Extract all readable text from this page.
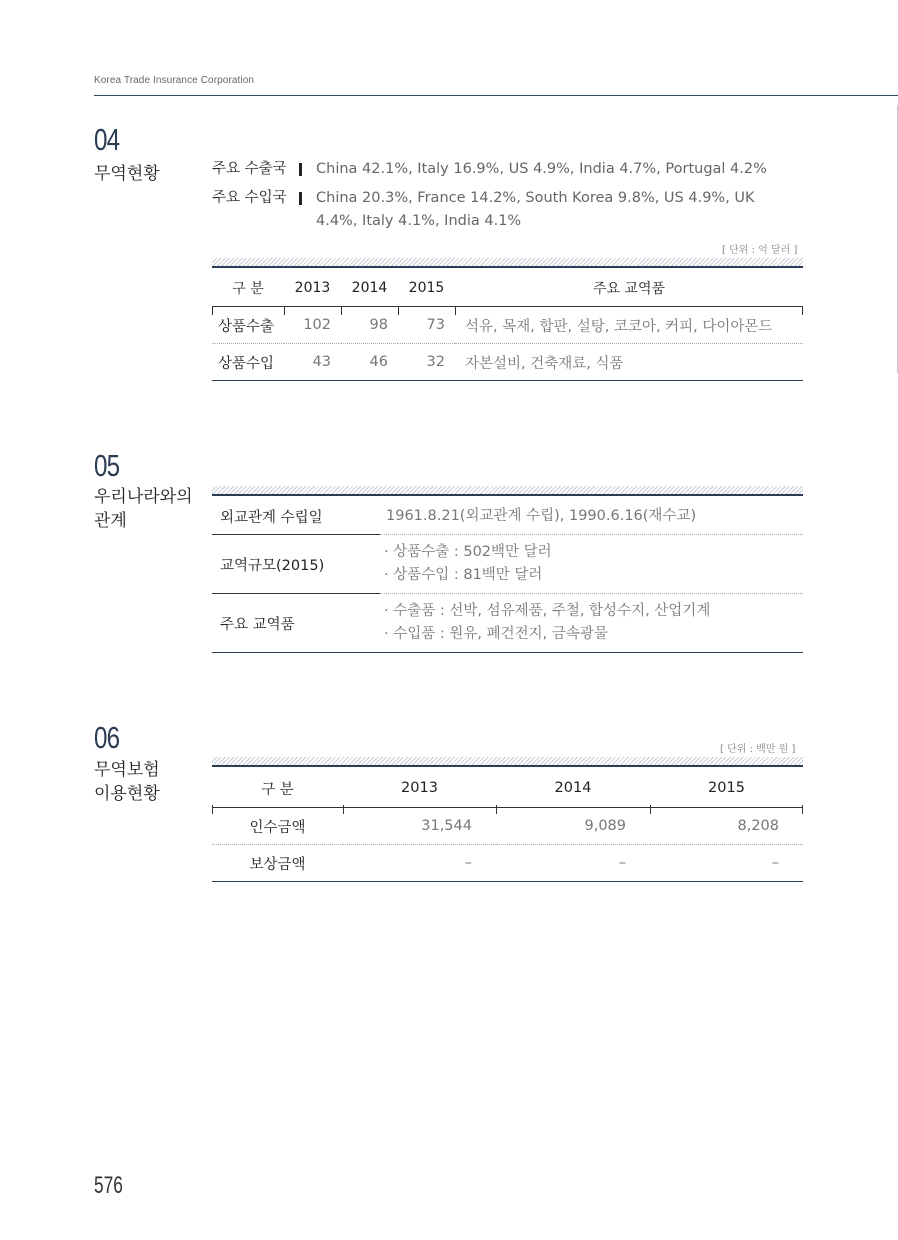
Korea Trade Insurance Corporation
04
무역현황	주요 수출국	China 42.1%, Italy 16.9%, US 4.9%, India 4.7%, Portugal 4.2%
주요 수입국	China 20.3%, France 14.2%, South Korea 9.8%, US 4.9%, UK 4.4%, Italy 4.1%, India 4.1%
[ 단위 : 억 달러 ]
구 분	2013	2014	2015	주요 교역품
상품수출	102	98	73	석유, 목재, 합판, 설탕, 코코아, 커피, 다이아몬드
상품수입	43	46	32	자본설비, 건축재료, 식품
05
우리나라와의
관계	외교관계 수립일	1961.8.21(외교관계 수립), 1990.6.16(재수교)

교역규모(2015)	· 상품수출 : 502백만 달러
· 상품수입 : 81백만 달러

주요 교역품	· 수출품 : 선박, 섬유제품, 주철, 합성수지, 산업기계
· 수입품 : 원유, 폐건전지, 금속광물
06
무역보험
이용현황
[ 단위 : 백만 원 ]
구 분	2013	2014	2015
인수금액	31,544	9,089	8,208
보상금액	–	–	–
576
